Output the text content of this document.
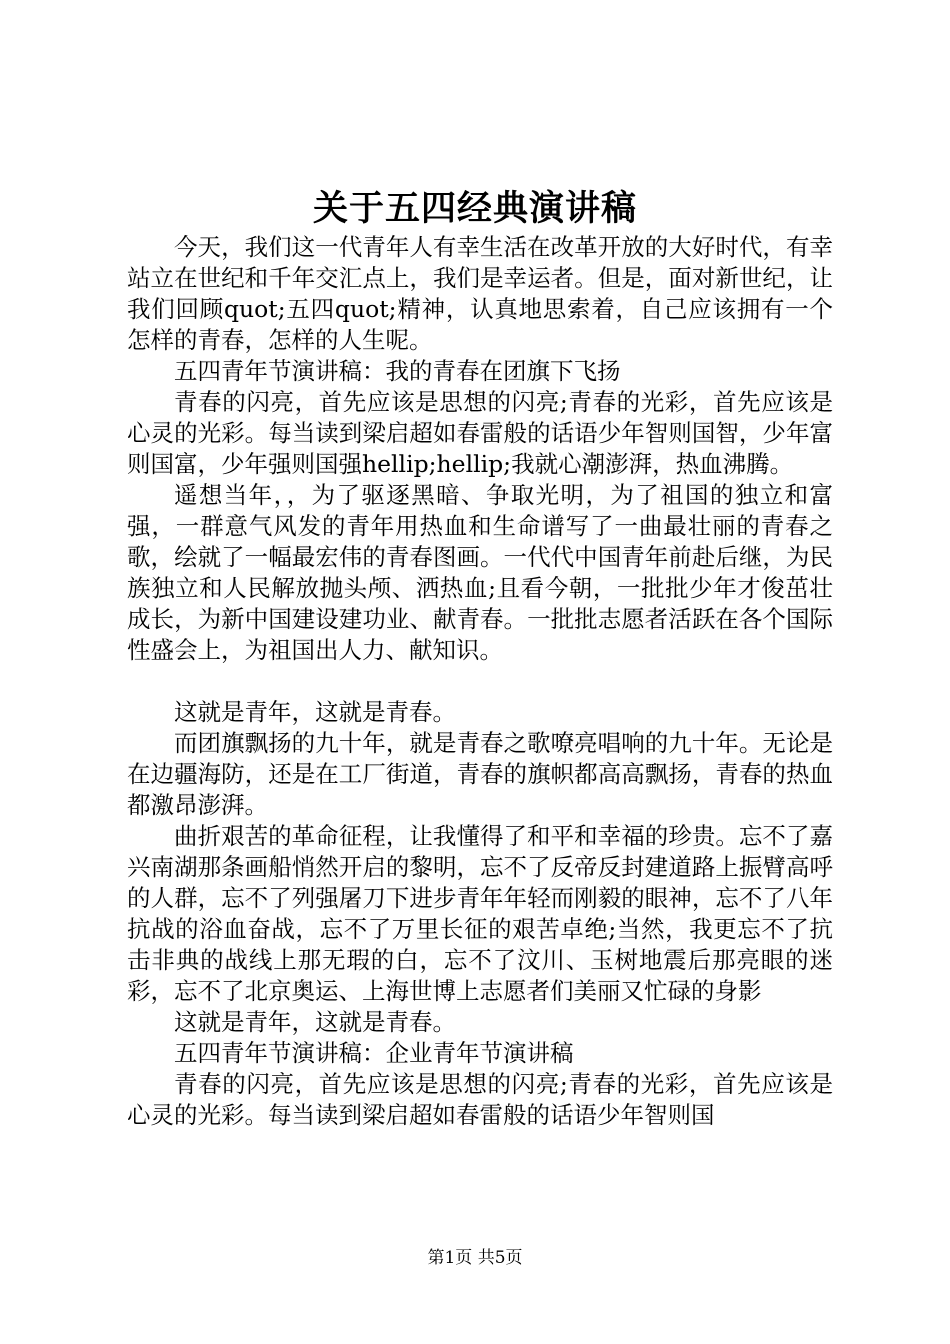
关于五四经典演讲稿

今天，我们这一代青年人有幸生活在改革开放的大好时代，有幸站立在世纪和千年交汇点上，我们是幸运者。但是，面对新世纪，让我们回顾quot;五四quot;精神，认真地思索着，自己应该拥有一个怎样的青春，怎样的人生呢。

五四青年节演讲稿：我的青春在团旗下飞扬

青春的闪亮，首先应该是思想的闪亮;青春的光彩，首先应该是心灵的光彩。每当读到梁启超如春雷般的话语少年智则国智，少年富则国富，少年强则国强hellip;hellip;我就心潮澎湃，热血沸腾。

遥想当年，，为了驱逐黑暗、争取光明，为了祖国的独立和富强，一群意气风发的青年用热血和生命谱写了一曲最壮丽的青春之歌，绘就了一幅最宏伟的青春图画。一代代中国青年前赴后继，为民族独立和人民解放抛头颅、洒热血;且看今朝，一批批少年才俊茁壮成长，为新中国建设建功业、献青春。一批批志愿者活跃在各个国际性盛会上，为祖国出人力、献知识。

这就是青年，这就是青春。

而团旗飘扬的九十年，就是青春之歌嘹亮唱响的九十年。无论是在边疆海防，还是在工厂街道，青春的旗帜都高高飘扬，青春的热血都激昂澎湃。

曲折艰苦的革命征程，让我懂得了和平和幸福的珍贵。忘不了嘉兴南湖那条画船悄然开启的黎明，忘不了反帝反封建道路上振臂高呼的人群，忘不了列强屠刀下进步青年年轻而刚毅的眼神，忘不了八年抗战的浴血奋战，忘不了万里长征的艰苦卓绝;当然，我更忘不了抗击非典的战线上那无瑕的白，忘不了汶川、玉树地震后那亮眼的迷彩，忘不了北京奥运、上海世博上志愿者们美丽又忙碌的身影

这就是青年，这就是青春。

五四青年节演讲稿：企业青年节演讲稿

青春的闪亮，首先应该是思想的闪亮;青春的光彩，首先应该是心灵的光彩。每当读到梁启超如春雷般的话语少年智则国

第1页 共5页
